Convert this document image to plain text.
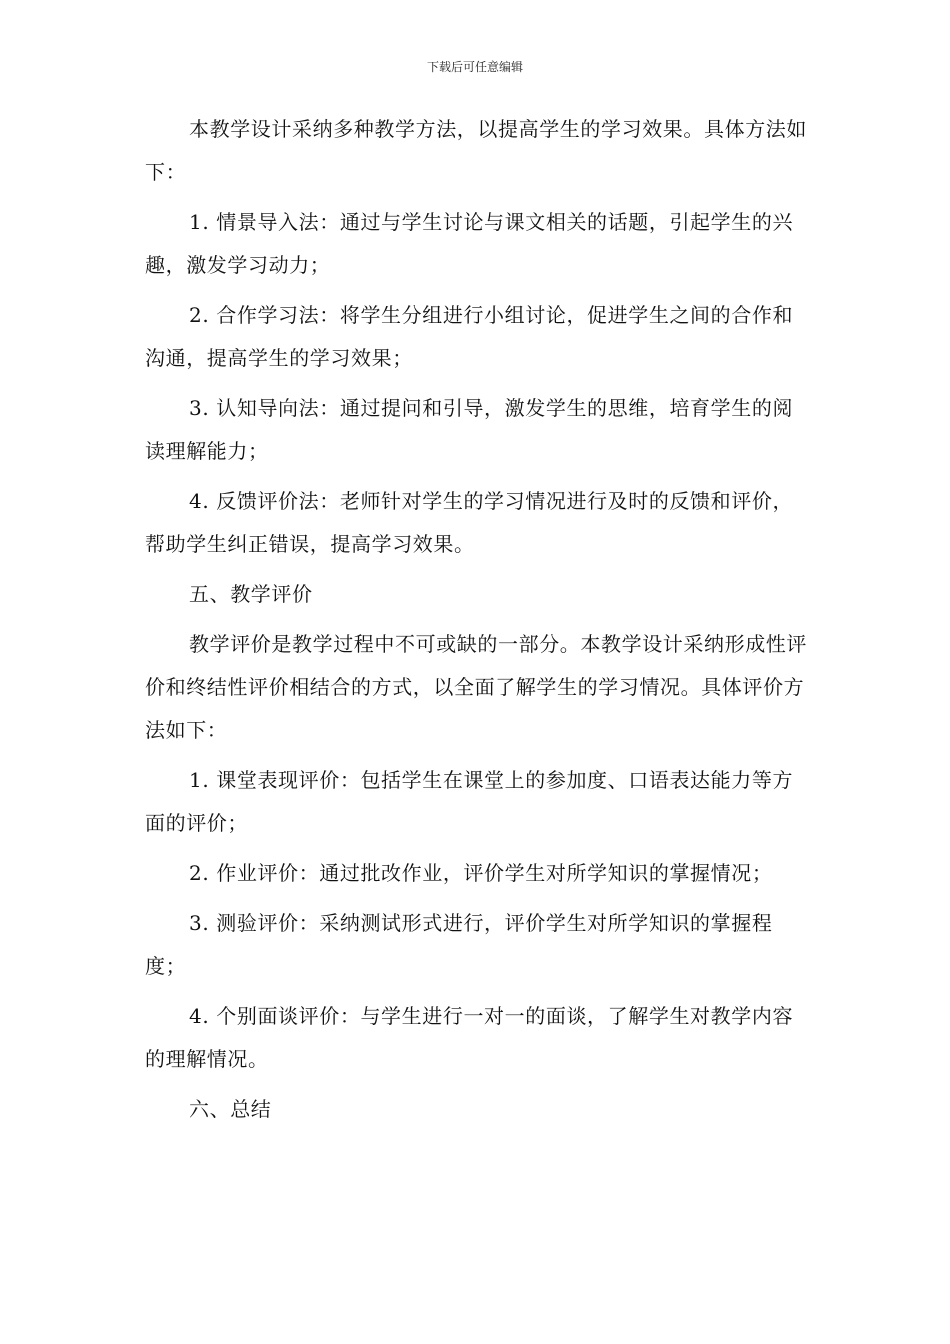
下载后可任意编辑

本教学设计采纳多种教学方法，以提高学生的学习效果。具体方法如下：

1. 情景导入法：通过与学生讨论与课文相关的话题，引起学生的兴趣，激发学习动力；

2. 合作学习法：将学生分组进行小组讨论，促进学生之间的合作和沟通，提高学生的学习效果；

3. 认知导向法：通过提问和引导，激发学生的思维，培育学生的阅读理解能力；

4. 反馈评价法：老师针对学生的学习情况进行及时的反馈和评价，帮助学生纠正错误，提高学习效果。

五、教学评价

教学评价是教学过程中不可或缺的一部分。本教学设计采纳形成性评价和终结性评价相结合的方式，以全面了解学生的学习情况。具体评价方法如下：

1. 课堂表现评价：包括学生在课堂上的参加度、口语表达能力等方面的评价；

2. 作业评价：通过批改作业，评价学生对所学知识的掌握情况；

3. 测验评价：采纳测试形式进行，评价学生对所学知识的掌握程度；

4. 个别面谈评价：与学生进行一对一的面谈，了解学生对教学内容的理解情况。

六、总结
